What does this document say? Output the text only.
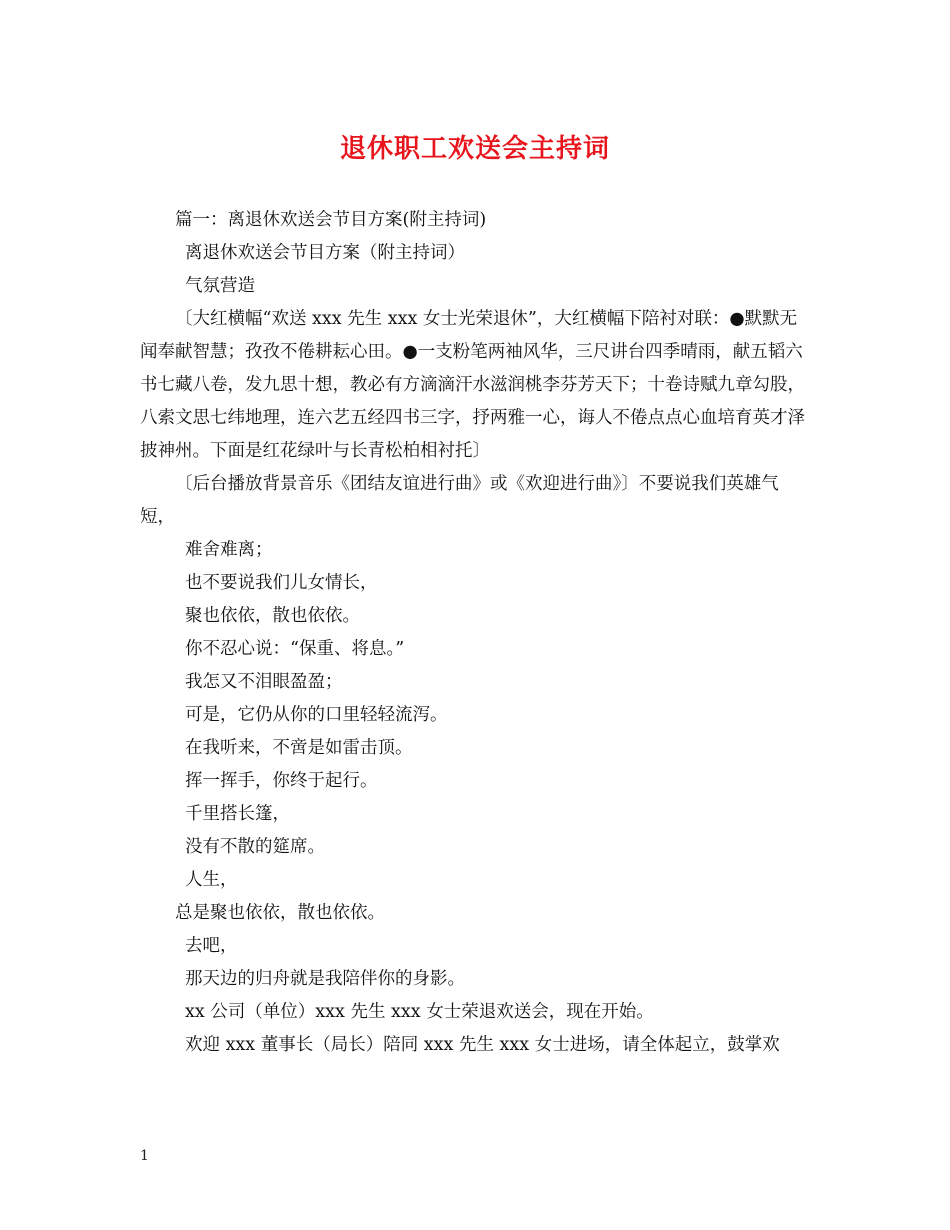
退休职工欢送会主持词

篇一：离退休欢送会节目方案(附主持词)

离退休欢送会节目方案（附主持词）

气氛营造

〔大红横幅“欢送 xxx 先生 xxx 女士光荣退休”，大红横幅下陪衬对联：●默默无闻奉献智慧；孜孜不倦耕耘心田。●一支粉笔两袖风华，三尺讲台四季晴雨，献五韬六书七藏八卷，发九思十想，教必有方滴滴汗水滋润桃李芬芳天下；十卷诗赋九章勾股，八索文思七纬地理，连六艺五经四书三字，抒两雅一心，诲人不倦点点心血培育英才泽披神州。下面是红花绿叶与长青松柏相衬托〕

〔后台播放背景音乐《团结友谊进行曲》或《欢迎进行曲》〕不要说我们英雄气短，

难舍难离；

也不要说我们儿女情长，

聚也依依，散也依依。

你不忍心说：“保重、将息。”

我怎又不泪眼盈盈；

可是，它仍从你的口里轻轻流泻。

在我听来，不啻是如雷击顶。

挥一挥手，你终于起行。

千里搭长篷，

没有不散的筵席。

人生，

总是聚也依依，散也依依。

去吧，

那天边的归舟就是我陪伴你的身影。

xx 公司（单位）xxx 先生 xxx 女士荣退欢送会，现在开始。

欢迎 xxx 董事长（局长）陪同 xxx 先生 xxx 女士进场，请全体起立，鼓掌欢

1
